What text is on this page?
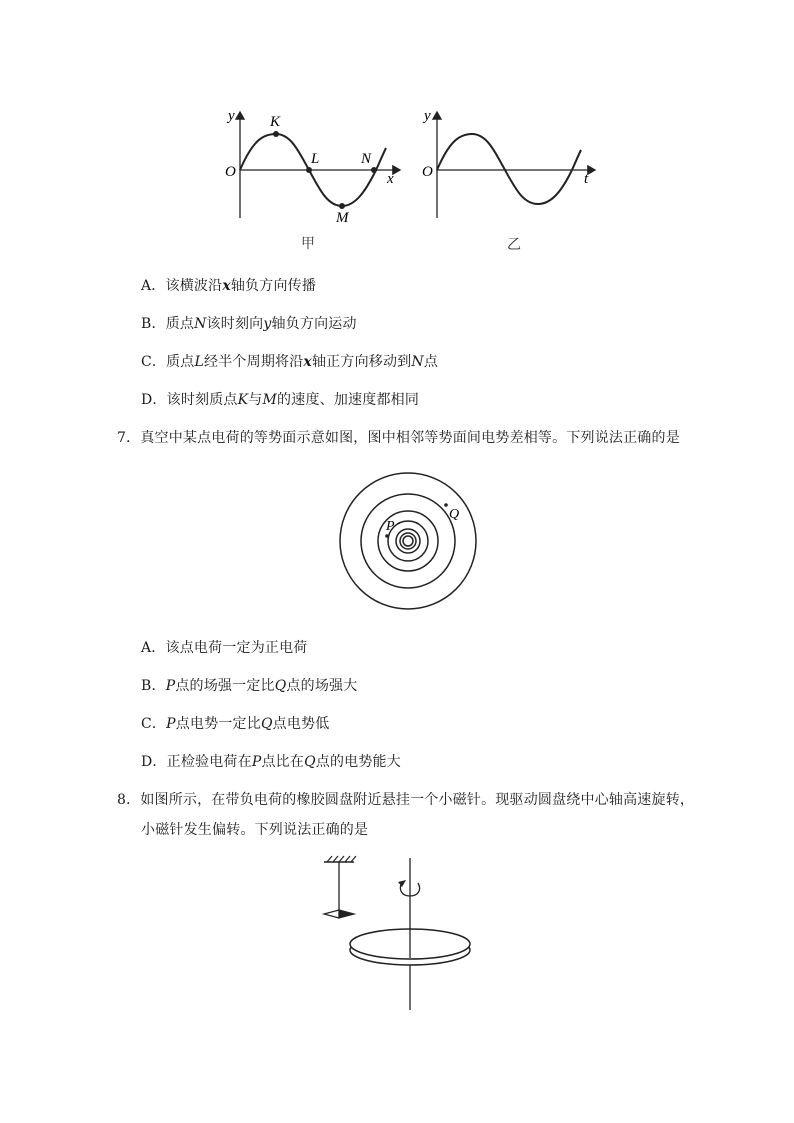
y
x
O
K
L
M
N
y
t
O
甲	乙
A．该横波沿x轴负方向传播
B．质点N该时刻向y轴负方向运动
C．质点L经半个周期将沿x轴正方向移动到N点
D．该时刻质点K与M的速度、加速度都相同
7．真空中某点电荷的等势面示意如图，图中相邻等势面间电势差相等。下列说法正确的是
P
Q
A．该点电荷一定为正电荷
B．P点的场强一定比Q点的场强大
C．P点电势一定比Q点电势低
D．正检验电荷在P点比在Q点的电势能大
8．如图所示，在带负电荷的橡胶圆盘附近悬挂一个小磁针。现驱动圆盘绕中心轴高速旋转，
小磁针发生偏转。下列说法正确的是
